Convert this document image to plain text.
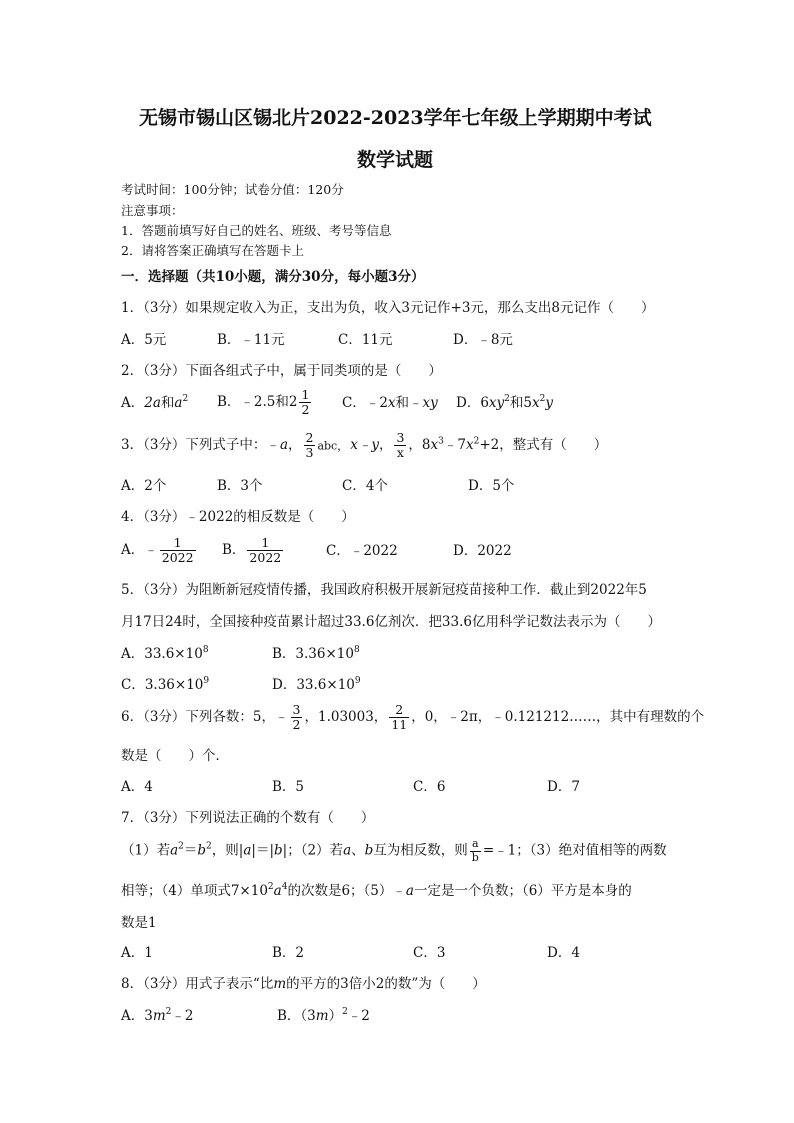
无锡市锡山区锡北片2022-2023学年七年级上学期期中考试
数学试题
考试时间：100分钟；试卷分值：120分
注意事项：
1．答题前填写好自己的姓名、班级、考号等信息
2．请将答案正确填写在答题卡上
一．选择题（共10小题，满分30分，每小题3分）
1．（3分）如果规定收入为正，支出为负，收入3元记作+3元，那么支出8元记作（　　）
A．5元	B．﹣11元	C．11元	D．﹣8元
2．（3分）下面各组式子中，属于同类项的是（　　）
A．2a和$a^2$ B．﹣2.5和$2 \frac{1}{2}$ C．﹣2x和﹣xy D．$6xy^2$和$5x^2y$
3．（3分）下列式子中：﹣a， $\frac{2}{3}$ abc， x﹣y， $\frac{3}{x}$ ，$8x^3﹣7x^2+2$，整式有（　　）
A．2个	B．3个	C．4个	D．5个
4．（3分）﹣2022的相反数是（　　）
A．﹣ $\frac{1}{2022}$ B． $\frac{1}{2022}$	C．﹣2022	D．2022
5．（3分）为阻断新冠疫情传播，我国政府积极开展新冠疫苗接种工作．截止到2022年5
月17日24时，全国接种疫苗累计超过33.6亿剂次．把33.6亿用科学记数法表示为（　　）
A．$33.6\times 10^8$	B．$3.36\times 10^8$
C．$3.36\times 10^9$	D．$33.6\times 10^9$
6．（3分）下列各数：5，﹣ $\frac{3}{2}$ ，1.03003， $\frac{2}{11}$ ，0，﹣2π，﹣0.121212……，其中有理数的个
数是（　　）个．
A．4	B．5	C．6	D．7
7．（3分）下列说法正确的个数有（　　）
（1）若$a^2=b^2$，则|a|＝|b|；（2）若a、b互为相反数，则 $\frac{a}{b}$ =﹣1；（3）绝对值相等的两数
相等；（4）单项式$7\times 10^2a^4$的次数是6；（5）﹣a一定是一个负数；（6）平方是本身的
数是1
A．1	B．2	C．3	D．4
8．（3分）用式子表示“比m的平方的3倍小2的数”为（　　）
A．$3m^2﹣2$	B．$(3m)^2﹣2$
